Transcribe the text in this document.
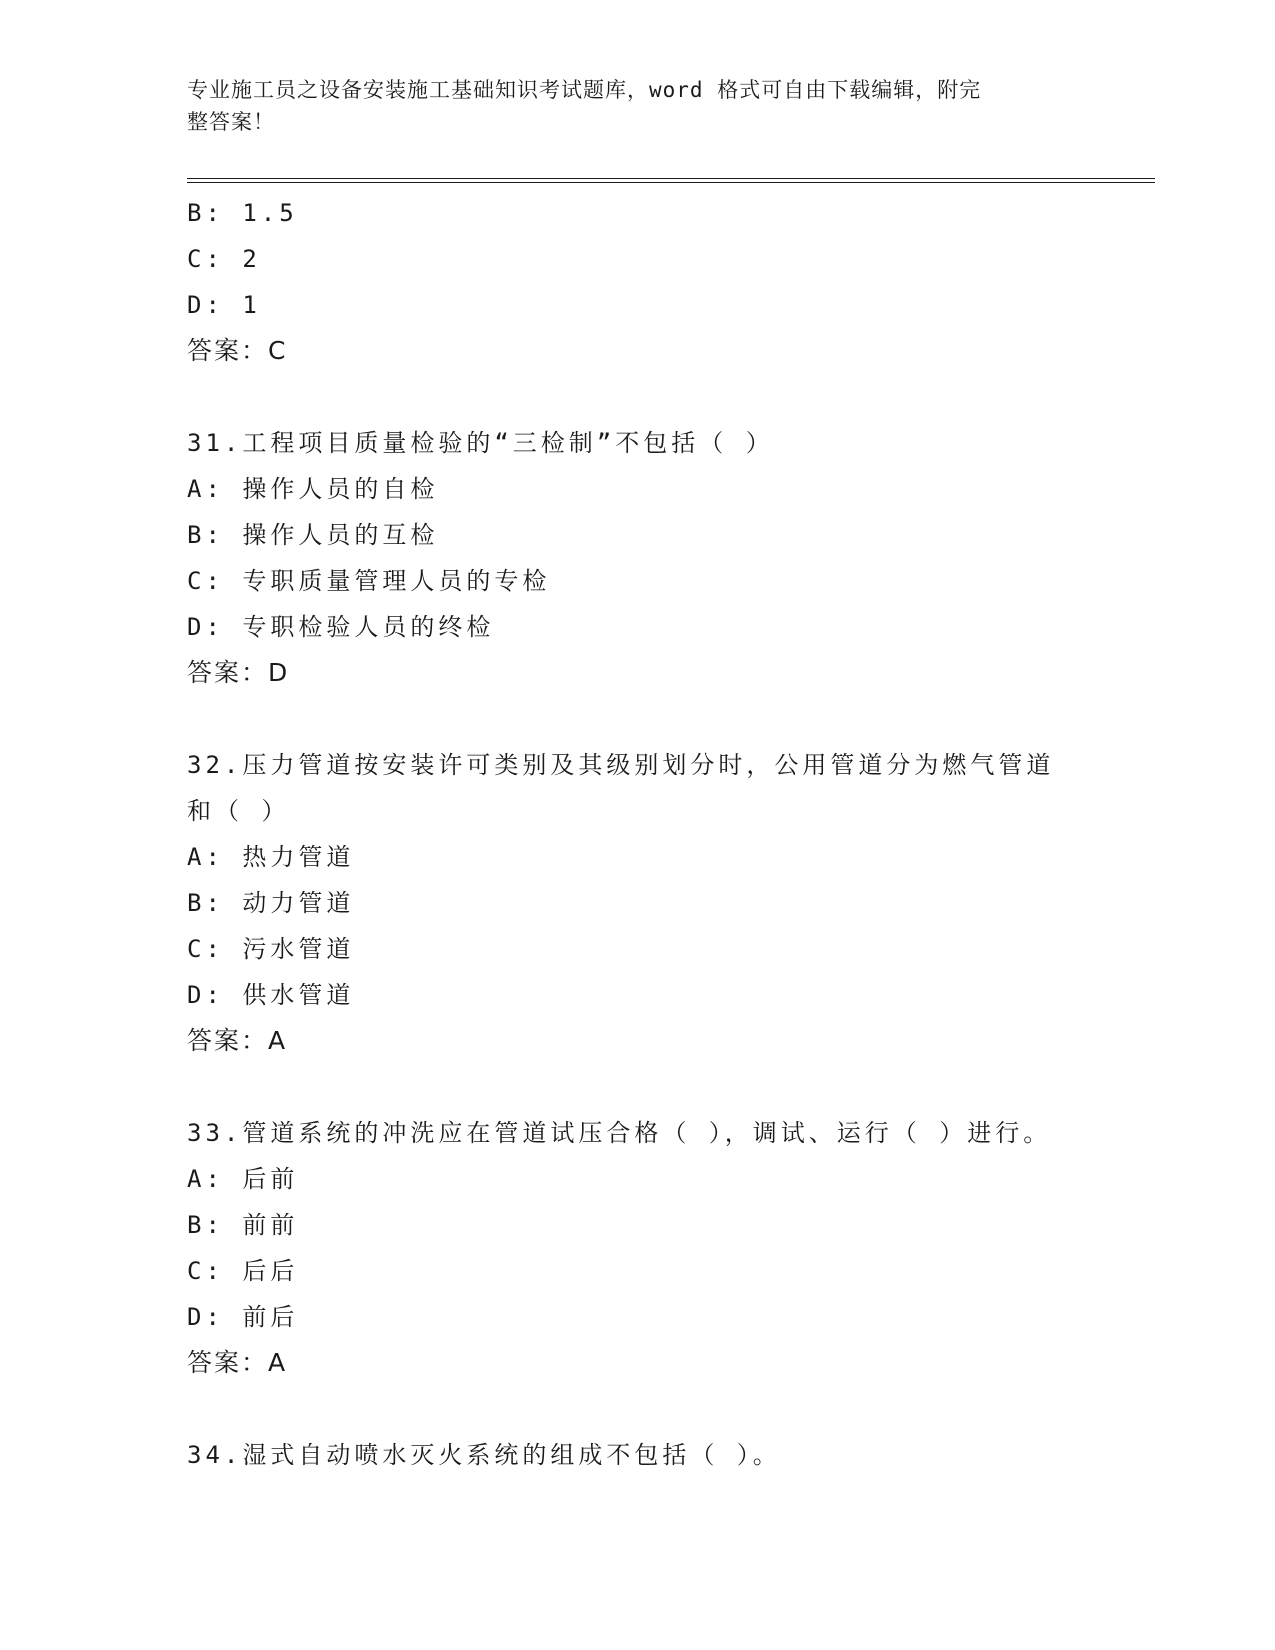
专业施工员之设备安装施工基础知识考试题库，word 格式可自由下载编辑，附完
整答案！
B: 1.5
C: 2
D: 1
答案：C
31.工程项目质量检验的“三检制”不包括（ ）
A: 操作人员的自检
B: 操作人员的互检
C: 专职质量管理人员的专检
D: 专职检验人员的终检
答案：D
32.压力管道按安装许可类别及其级别划分时，公用管道分为燃气管道
和（ ）
A: 热力管道
B: 动力管道
C: 污水管道
D: 供水管道
答案：A
33.管道系统的冲洗应在管道试压合格（ ），调试、运行（ ）进行。
A: 后前
B: 前前
C: 后后
D: 前后
答案：A
34.湿式自动喷水灭火系统的组成不包括（ ）。
